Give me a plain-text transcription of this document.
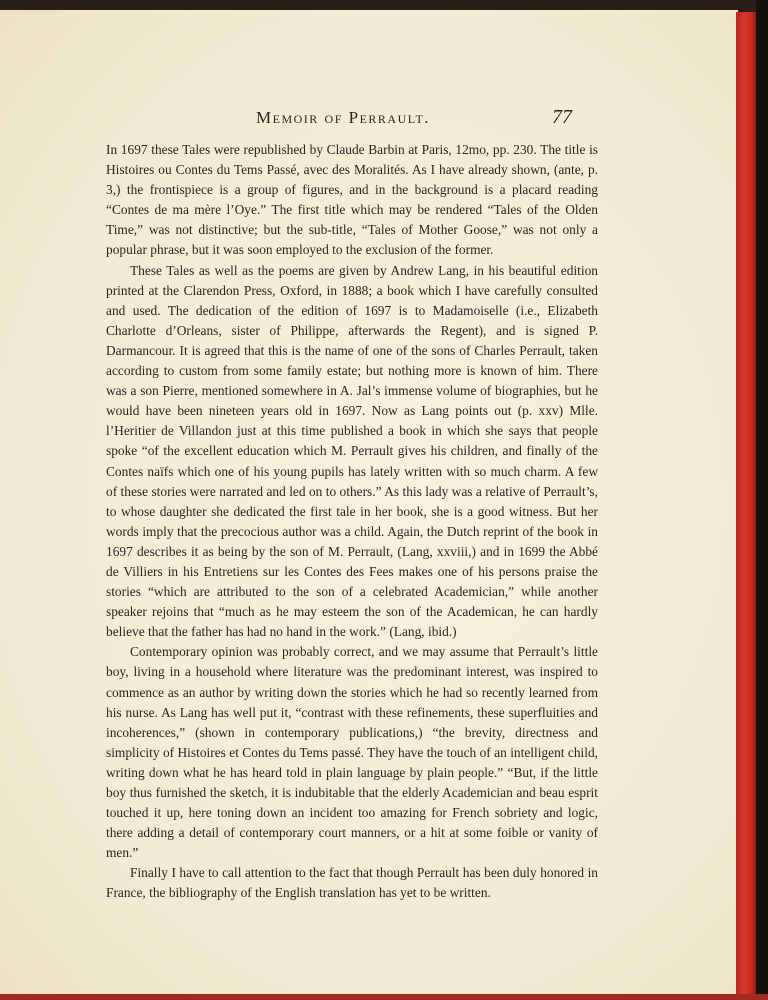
Memoir of Perrault.	77

In 1697 these Tales were republished by Claude Barbin at Paris, 12mo, pp. 230. The title is Histoires ou Contes du Tems Passé, avec des Moralités. As I have already shown, (ante, p. 3,) the frontispiece is a group of figures, and in the background is a placard reading “Contes de ma mère l’Oye.” The first title which may be rendered “Tales of the Olden Time,” was not distinctive; but the sub-title, “Tales of Mother Goose,” was not only a popular phrase, but it was soon employed to the exclusion of the former.

These Tales as well as the poems are given by Andrew Lang, in his beautiful edition printed at the Clarendon Press, Oxford, in 1888; a book which I have carefully consulted and used. The dedication of the edition of 1697 is to Madamoiselle (i.e., Elizabeth Charlotte d’Orleans, sister of Philippe, afterwards the Regent), and is signed P. Darmancour. It is agreed that this is the name of one of the sons of Charles Perrault, taken according to custom from some family estate; but nothing more is known of him. There was a son Pierre, mentioned somewhere in A. Jal’s immense volume of biographies, but he would have been nineteen years old in 1697. Now as Lang points out (p. xxv) Mlle. l’Heritier de Villandon just at this time published a book in which she says that people spoke “of the excellent education which M. Perrault gives his children, and finally of the Contes naïfs which one of his young pupils has lately written with so much charm. A few of these stories were narrated and led on to others.” As this lady was a relative of Perrault’s, to whose daughter she dedicated the first tale in her book, she is a good witness. But her words imply that the precocious author was a child. Again, the Dutch reprint of the book in 1697 describes it as being by the son of M. Perrault, (Lang, xxviii,) and in 1699 the Abbé de Villiers in his Entretiens sur les Contes des Fees makes one of his persons praise the stories “which are attributed to the son of a celebrated Academician,” while another speaker rejoins that “much as he may esteem the son of the Academican, he can hardly believe that the father has had no hand in the work.” (Lang, ibid.)

Contemporary opinion was probably correct, and we may assume that Perrault’s little boy, living in a household where literature was the predominant interest, was inspired to commence as an author by writing down the stories which he had so recently learned from his nurse. As Lang has well put it, “contrast with these refinements, these superfluities and incoherences,” (shown in contemporary publications,) “the brevity, directness and simplicity of Histoires et Contes du Tems passé. They have the touch of an intelligent child, writing down what he has heard told in plain language by plain people.” “But, if the little boy thus furnished the sketch, it is indubitable that the elderly Academician and beau esprit touched it up, here toning down an incident too amazing for French sobriety and logic, there adding a detail of contemporary court manners, or a hit at some foible or vanity of men.”

Finally I have to call attention to the fact that though Perrault has been duly honored in France, the bibliography of the English translation has yet to be written.
